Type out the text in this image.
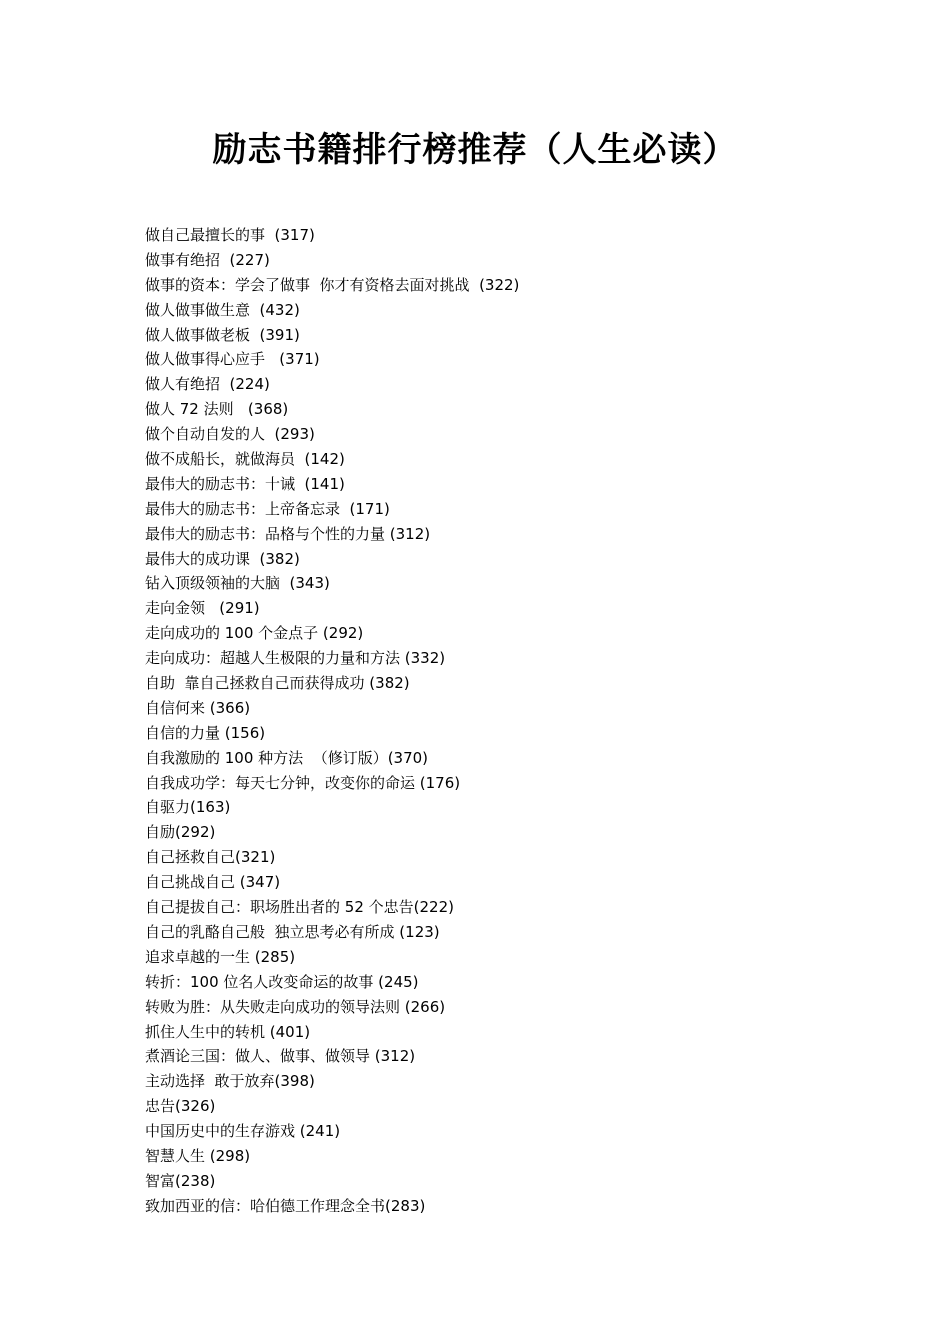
励志书籍排行榜推荐（人生必读）
做自己最擅长的事  (317)
做事有绝招  (227)
做事的资本：学会了做事  你才有资格去面对挑战  (322)
做人做事做生意  (432)
做人做事做老板  (391)
做人做事得心应手   (371)
做人有绝招  (224)
做人 72 法则   (368)
做个自动自发的人  (293)
做不成船长，就做海员  (142)
最伟大的励志书：十诫  (141)
最伟大的励志书：上帝备忘录  (171)
最伟大的励志书：品格与个性的力量 (312)
最伟大的成功课  (382)
钻入顶级领袖的大脑  (343)
走向金领   (291)
走向成功的 100 个金点子 (292)
走向成功：超越人生极限的力量和方法 (332)
自助  靠自己拯救自己而获得成功 (382)
自信何来 (366)
自信的力量 (156)
自我激励的 100 种方法  （修订版）(370)
自我成功学：每天七分钟，改变你的命运 (176)
自驱力(163)
自励(292)
自己拯救自己(321)
自己挑战自己 (347)
自己提拔自己：职场胜出者的 52 个忠告(222)
自己的乳酪自己般  独立思考必有所成 (123)
追求卓越的一生 (285)
转折：100 位名人改变命运的故事 (245)
转败为胜：从失败走向成功的领导法则 (266)
抓住人生中的转机 (401)
煮酒论三国：做人、做事、做领导 (312)
主动选择  敢于放弃(398)
忠告(326)
中国历史中的生存游戏 (241)
智慧人生 (298)
智富(238)
致加西亚的信：哈伯德工作理念全书(283)
